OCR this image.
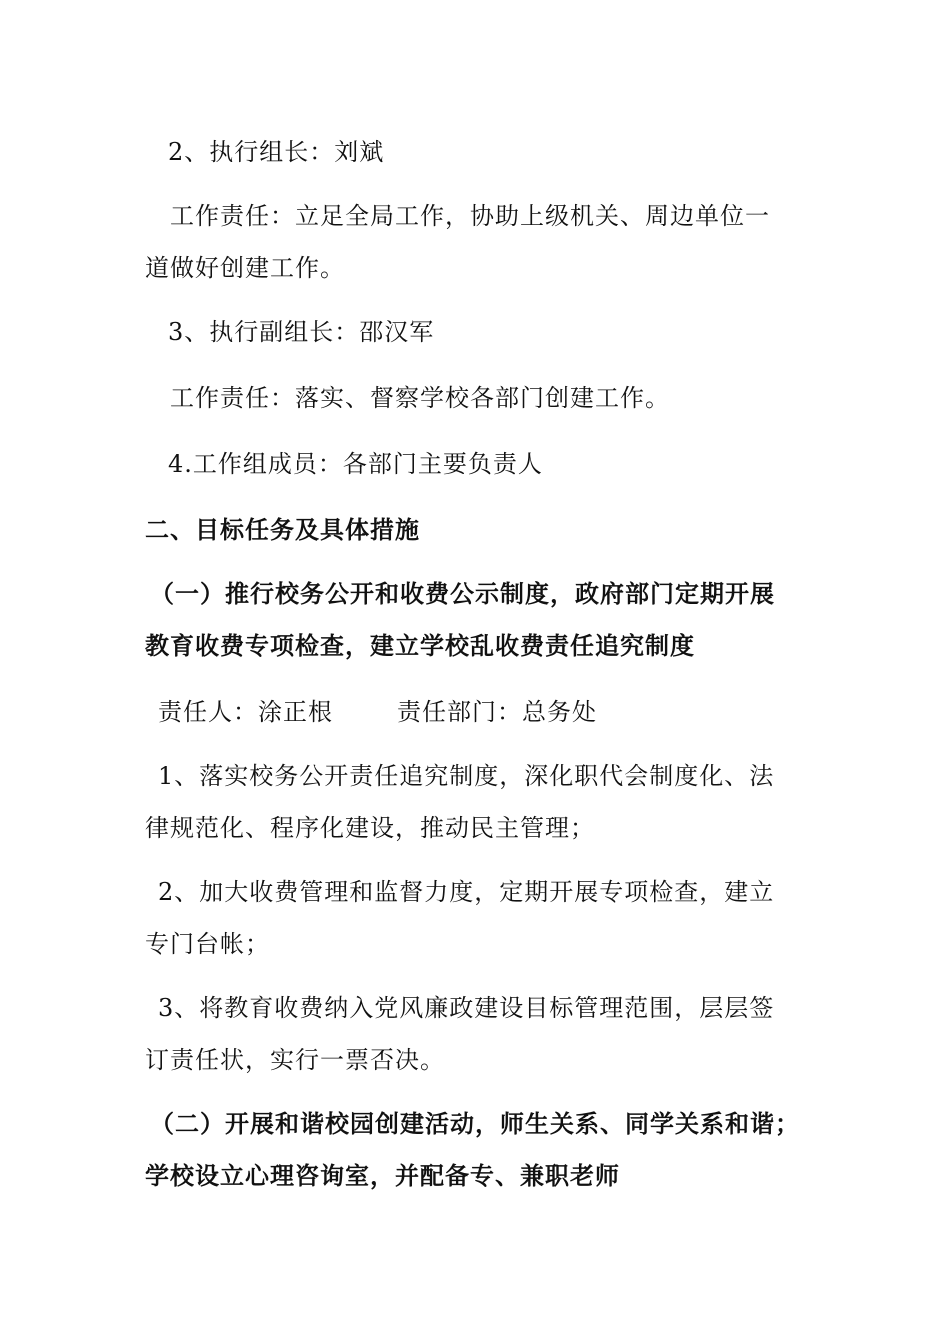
2、执行组长：刘斌
工作责任：立足全局工作，协助上级机关、周边单位一
道做好创建工作。
3、执行副组长：邵汉军
工作责任：落实、督察学校各部门创建工作。
4.工作组成员：各部门主要负责人
二、目标任务及具体措施
（一）推行校务公开和收费公示制度，政府部门定期开展
教育收费专项检查，建立学校乱收费责任追究制度
责任人：涂正根	责任部门：总务处
1、落实校务公开责任追究制度，深化职代会制度化、法
律规范化、程序化建设，推动民主管理；
2、加大收费管理和监督力度，定期开展专项检查，建立
专门台帐；
3、将教育收费纳入党风廉政建设目标管理范围，层层签
订责任状，实行一票否决。
（二）开展和谐校园创建活动，师生关系、同学关系和谐；
学校设立心理咨询室，并配备专、兼职老师
